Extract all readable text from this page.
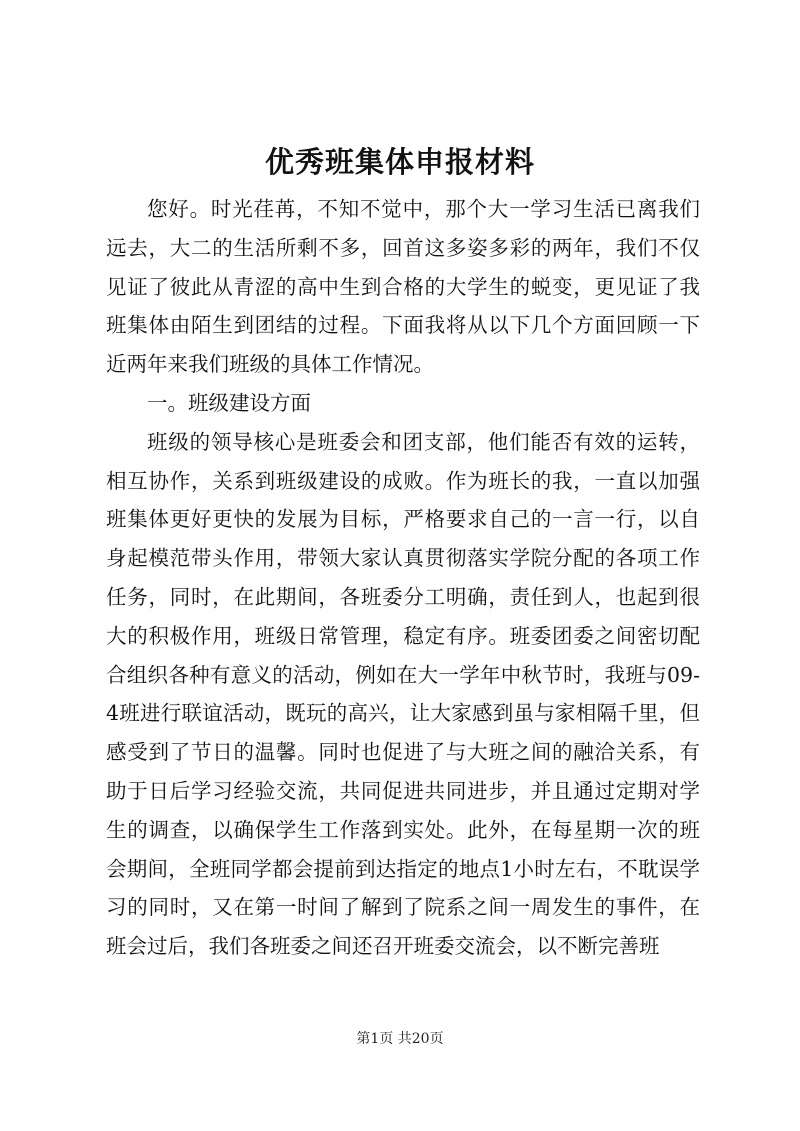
优秀班集体申报材料

您好。时光荏苒，不知不觉中，那个大一学习生活已离我们远去，大二的生活所剩不多，回首这多姿多彩的两年，我们不仅见证了彼此从青涩的高中生到合格的大学生的蜕变，更见证了我班集体由陌生到团结的过程。下面我将从以下几个方面回顾一下近两年来我们班级的具体工作情况。

一。班级建设方面

班级的领导核心是班委会和团支部，他们能否有效的运转，相互协作，关系到班级建设的成败。作为班长的我，一直以加强班集体更好更快的发展为目标，严格要求自己的一言一行，以自身起模范带头作用，带领大家认真贯彻落实学院分配的各项工作任务，同时，在此期间，各班委分工明确，责任到人，也起到很大的积极作用，班级日常管理，稳定有序。班委团委之间密切配合组织各种有意义的活动，例如在大一学年中秋节时，我班与09-4班进行联谊活动，既玩的高兴，让大家感到虽与家相隔千里，但感受到了节日的温馨。同时也促进了与大班之间的融洽关系，有助于日后学习经验交流，共同促进共同进步，并且通过定期对学生的调查，以确保学生工作落到实处。此外，在每星期一次的班会期间，全班同学都会提前到达指定的地点1小时左右，不耽误学习的同时，又在第一时间了解到了院系之间一周发生的事件，在班会过后，我们各班委之间还召开班委交流会，以不断完善班

第1页 共20页
